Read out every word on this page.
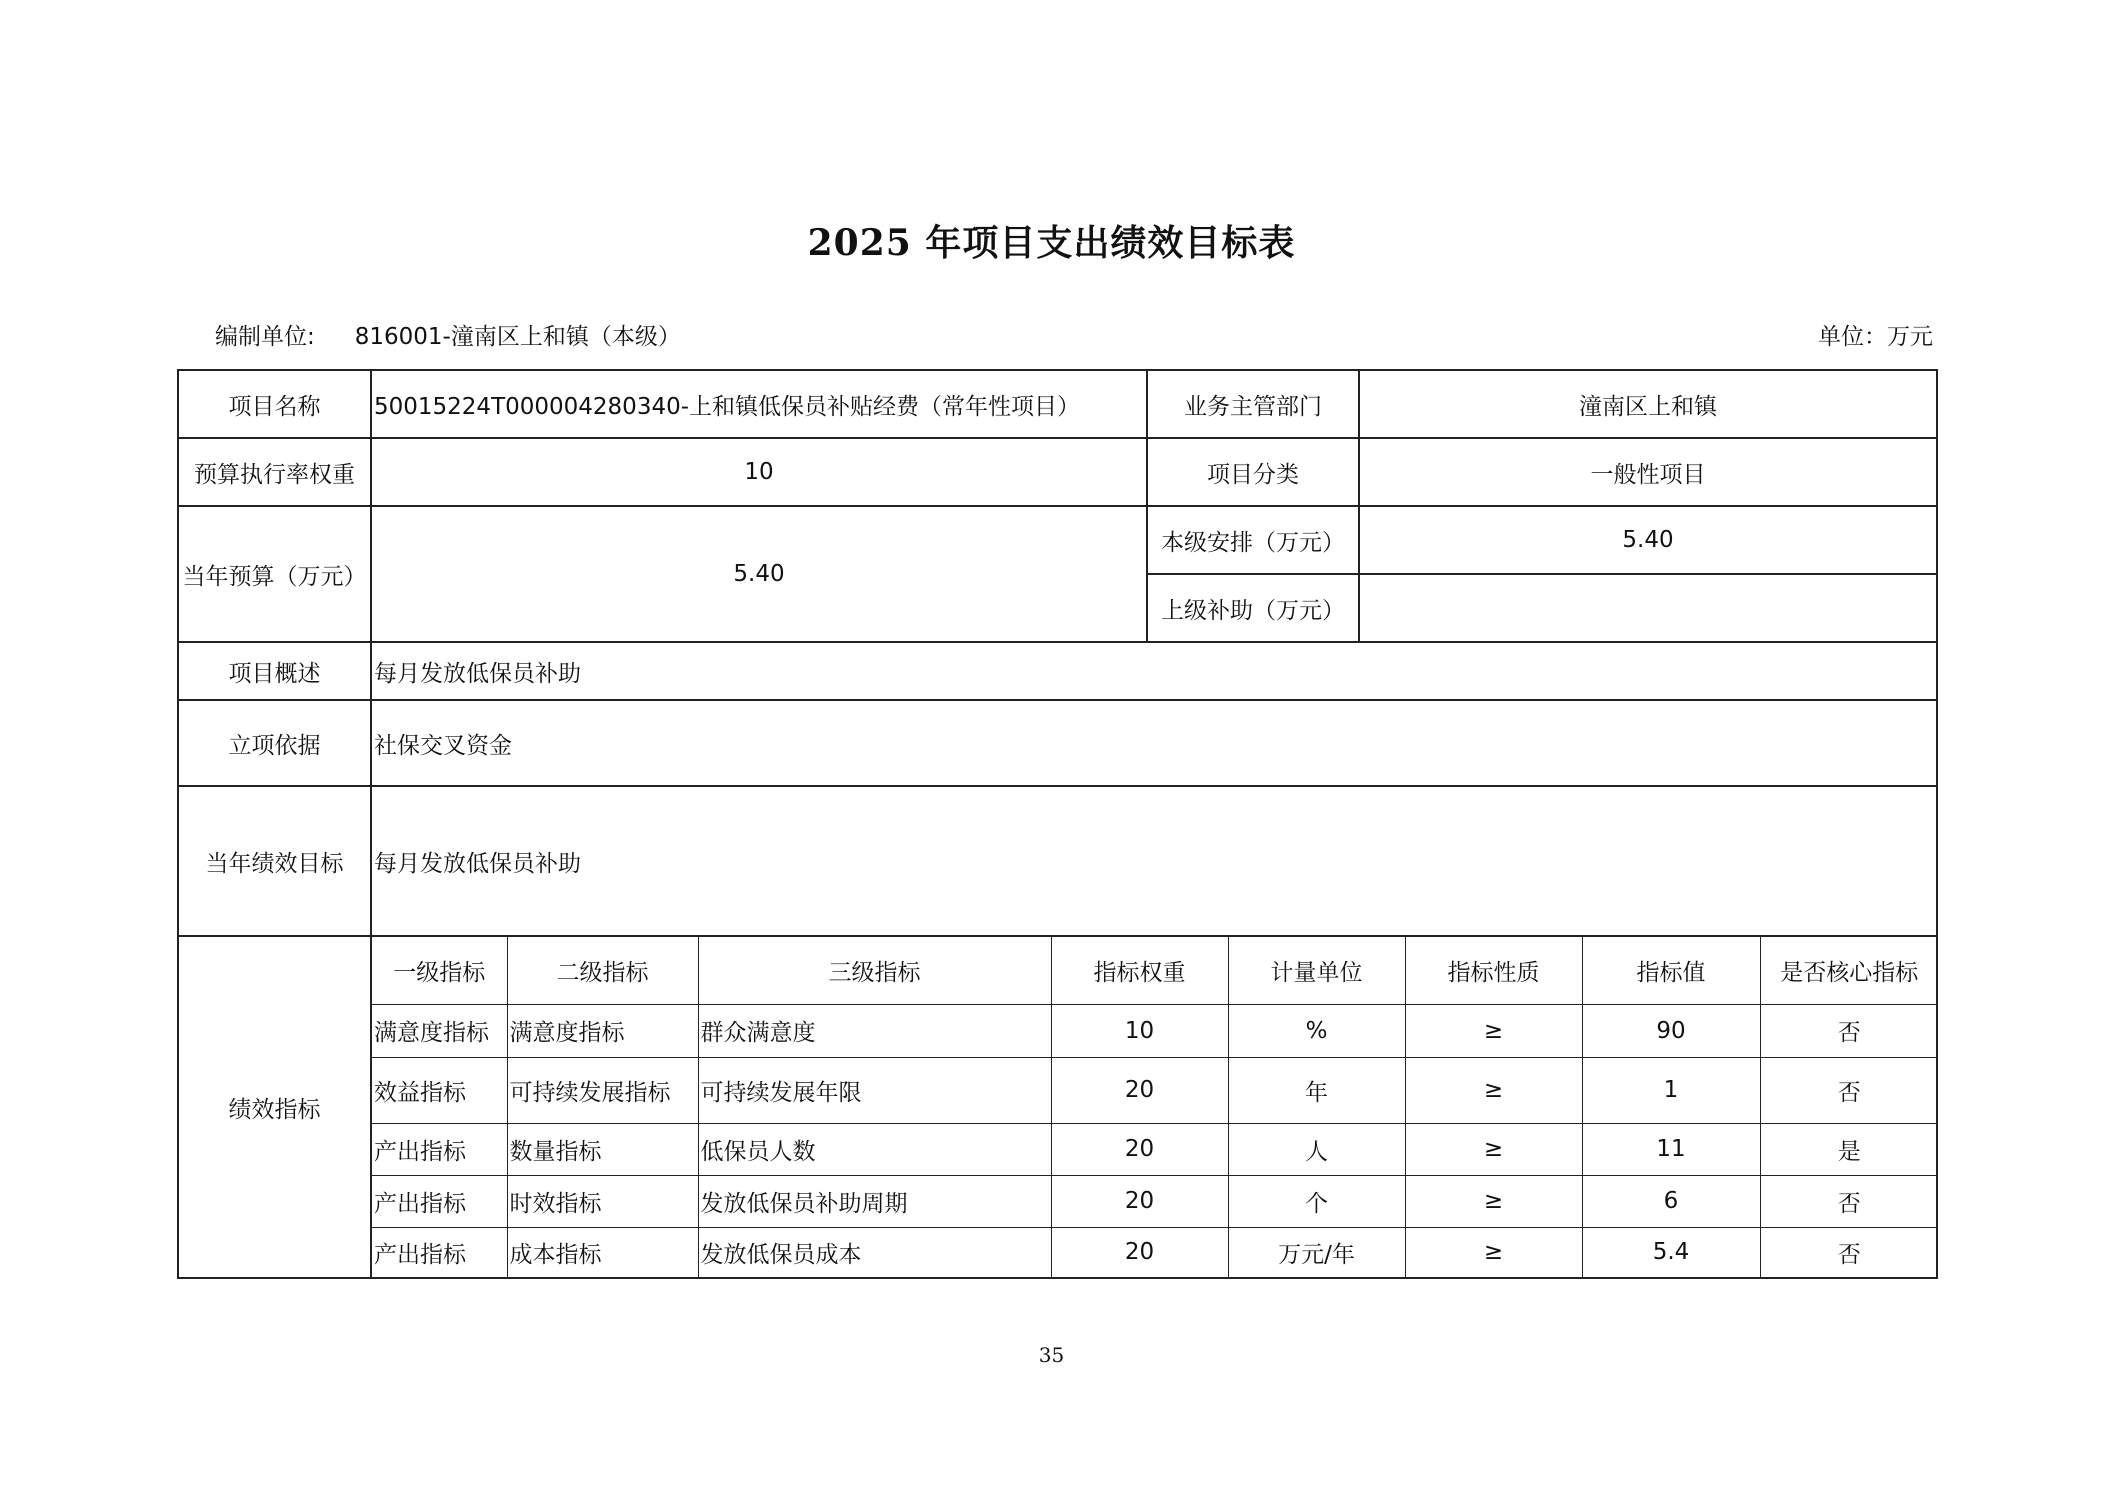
2025 年项目支出绩效目标表
编制单位: 816001-潼南区上和镇（本级）	单位：万元
项目名称	50015224T000004280340-上和镇低保员补贴经费（常年性项目）	业务主管部门	潼南区上和镇
预算执行率权重	10	项目分类	一般性项目
当年预算（万元）	5.40	本级安排（万元）	5.40
上级补助（万元）	
项目概述	每月发放低保员补助
立项依据	社保交叉资金
当年绩效目标	每月发放低保员补助
绩效指标	
一级指标	二级指标	三级指标	指标权重	计量单位	指标性质	指标值	是否核心指标
满意度指标	满意度指标	群众满意度	10	%	≥	90	否
效益指标	可持续发展指标	可持续发展年限	20	年	≥	1	否
产出指标	数量指标	低保员人数	20	人	≥	11	是
产出指标	时效指标	发放低保员补助周期	20	个	≥	6	否
产出指标	成本指标	发放低保员成本	20	万元/年	≥	5.4	否
35
